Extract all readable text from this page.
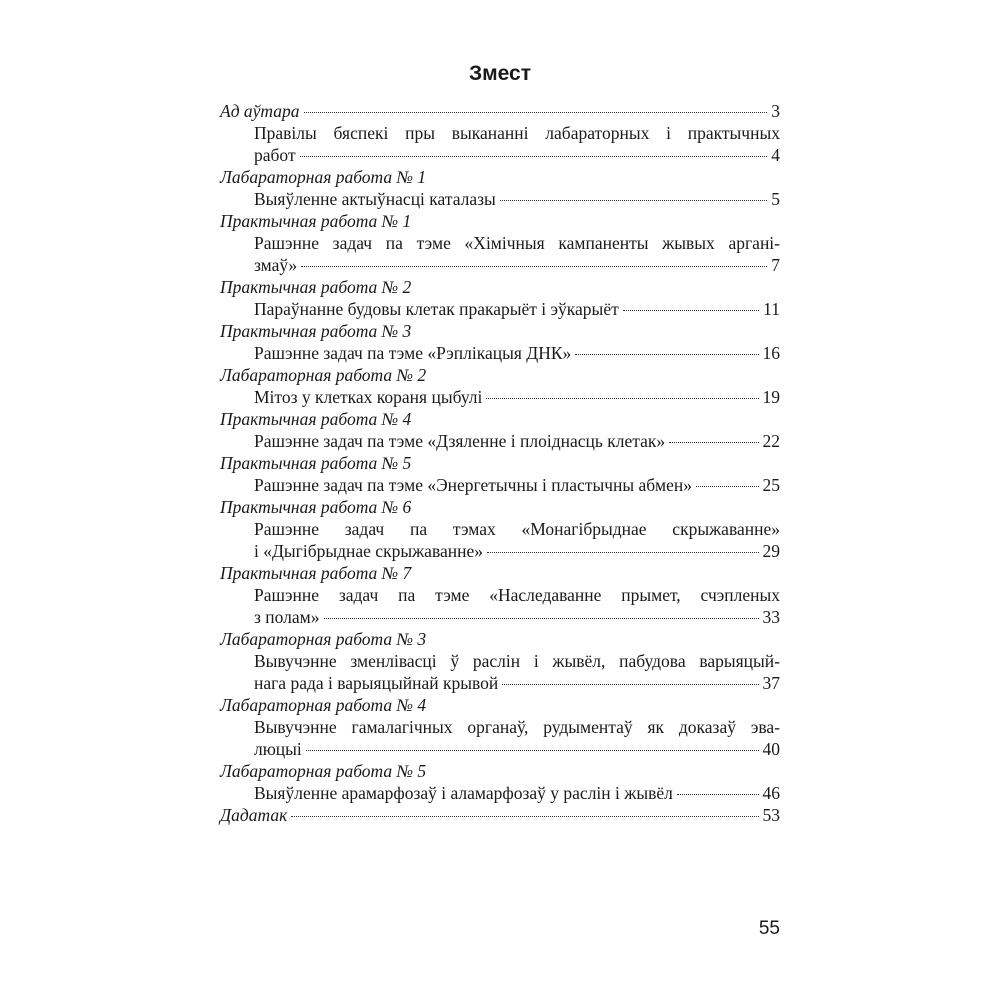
Змест
Ад аўтара	3
Правілы бяспекі пры выкананні лабараторных і практычных
работ	4
Лабараторная работа № 1
Выяўленне актыўнасці каталазы	5
Практычная работа № 1
Рашэнне задач па тэме «Хімічныя кампаненты жывых аргані-
змаў»	7
Практычная работа № 2
Параўнанне будовы клетак пракарыёт і эўкарыёт	11
Практычная работа № 3
Рашэнне задач па тэме «Рэплікацыя ДНК»	16
Лабараторная работа № 2
Мітоз у клетках кораня цыбулі	19
Практычная работа № 4
Рашэнне задач па тэме «Дзяленне і плоіднасць клетак»	22
Практычная работа № 5
Рашэнне задач па тэме «Энергетычны і пластычны абмен»	25
Практычная работа № 6
Рашэнне задач па тэмах «Монагібрыднае скрыжаванне»
і «Дыгібрыднае скрыжаванне»	29
Практычная работа № 7
Рашэнне задач па тэме «Наследаванне прымет, счэпленых
з полам»	33
Лабараторная работа № 3
Вывучэнне зменлівасці ў раслін і жывёл, пабудова варыяцый-
нага рада і варыяцыйнай крывой	37
Лабараторная работа № 4
Вывучэнне гамалагічных органаў, рудыментаў як доказаў эва-
люцыі	40
Лабараторная работа № 5
Выяўленне арамарфозаў і аламарфозаў у раслін і жывёл	46
Дадатак	53
55
